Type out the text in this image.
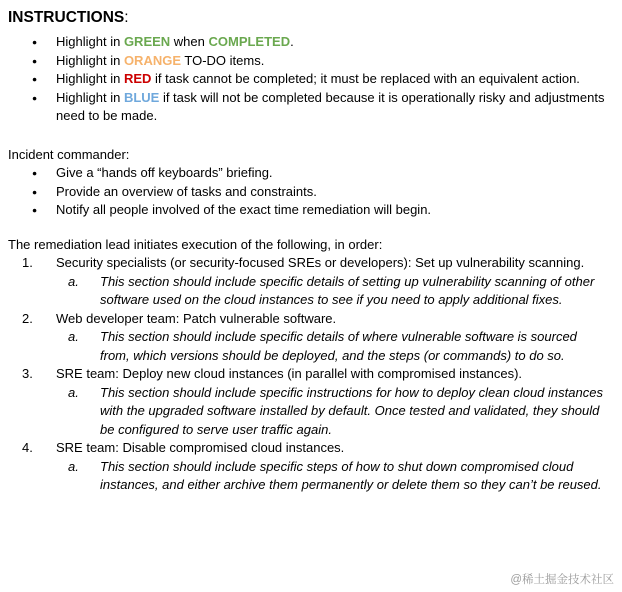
INSTRUCTIONS:
●	Highlight in GREEN when COMPLETED.
●	Highlight in ORANGE TO-DO items.
●	Highlight in RED if task cannot be completed; it must be replaced with an equivalent action.
●	Highlight in BLUE if task will not be completed because it is operationally risky and adjustments need to be made.

Incident commander:

●	Give a “hands off keyboards” briefing.
●	Provide an overview of tasks and constraints.
●	Notify all people involved of the exact time remediation will begin.

The remediation lead initiates execution of the following, in order:

1.	Security specialists (or security-focused SREs or developers): Set up vulnerability scanning.
a.	This section should include specific details of setting up vulnerability scanning of other software used on the cloud instances to see if you need to apply additional fixes.
2.	Web developer team: Patch vulnerable software.
a.	This section should include specific details of where vulnerable software is sourced from, which versions should be deployed, and the steps (or commands) to do so.
3.	SRE team: Deploy new cloud instances (in parallel with compromised instances).
a.	This section should include specific instructions for how to deploy clean cloud instances with the upgraded software installed by default. Once tested and validated, they should be configured to serve user traffic again.
4.	SRE team: Disable compromised cloud instances.
a.	This section should include specific steps of how to shut down compromised cloud instances, and either archive them permanently or delete them so they can’t be reused.
@稀土掘金技术社区
